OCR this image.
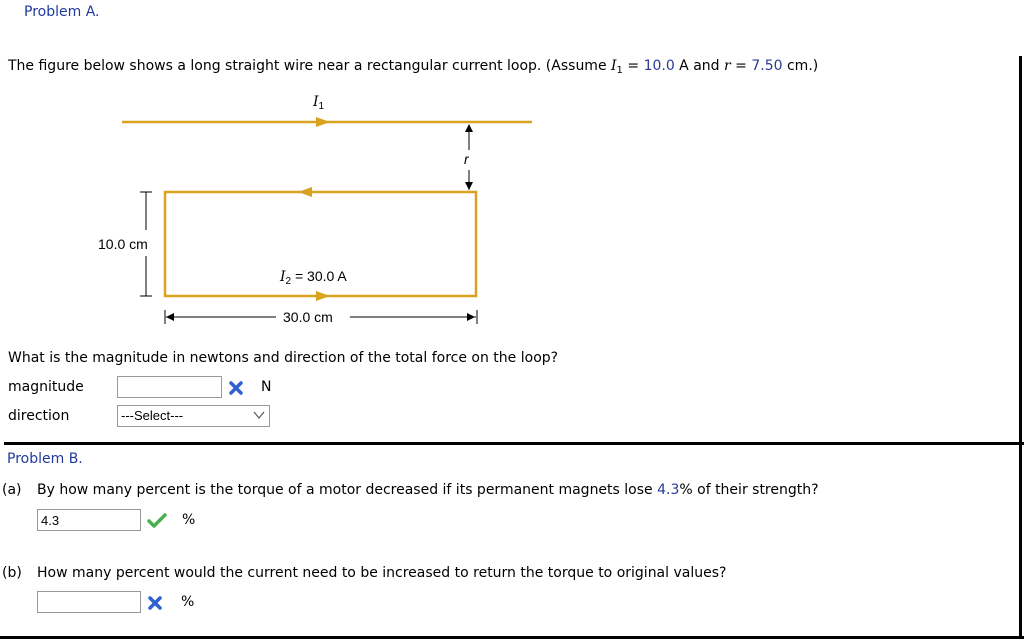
Problem A.
The figure below shows a long straight wire near a rectangular current loop. (Assume $I_1 = 10.0$ A and r = 7.50 cm.)
$I_1$
r
10.0 cm
$I_2 = 30.0$ A
30.0 cm
What is the magnitude in newtons and direction of the total force on the loop?
magnitude	N
direction	---Select---
Problem B.
(a) By how many percent is the torque of a motor decreased if its permanent magnets lose 4.3% of their strength?
4.3
%
(b) How many percent would the current need to be increased to return the torque to original values?
%
